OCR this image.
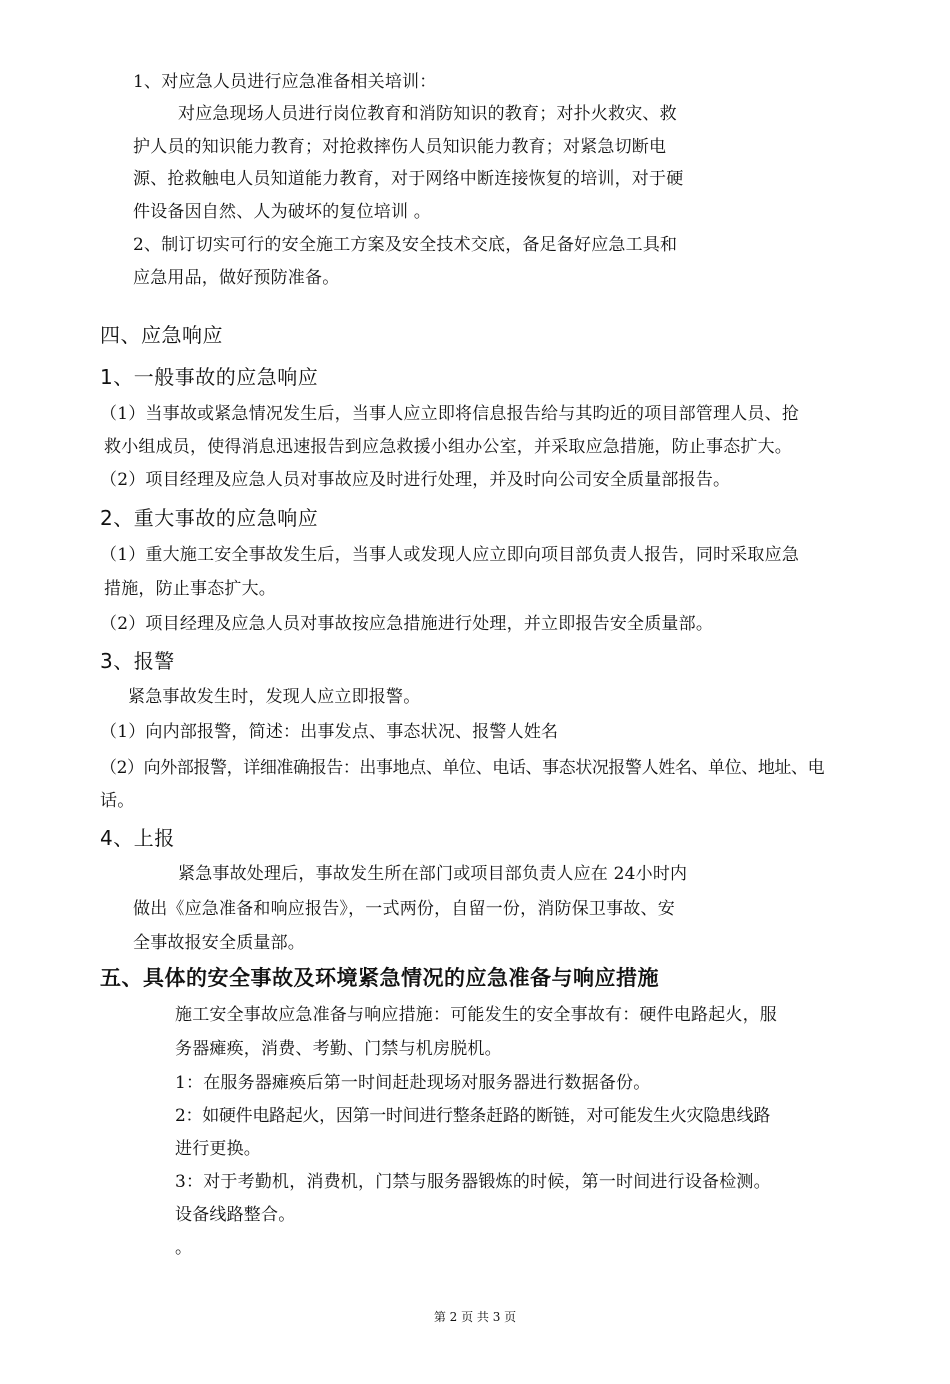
1、对应急人员进行应急准备相关培训：
对应急现场人员进行岗位教育和消防知识的教育；对扑火救灾、救
护人员的知识能力教育；对抢救摔伤人员知识能力教育；对紧急切断电
源、抢救触电人员知道能力教育，对于网络中断连接恢复的培训，对于硬
件设备因自然、人为破坏的复位培训 。
2、制订切实可行的安全施工方案及安全技术交底，备足备好应急工具和
应急用品，做好预防准备。
四、应急响应
1、一般事故的应急响应
（1）当事故或紧急情况发生后，当事人应立即将信息报告给与其昀近的项目部管理人员、抢
救小组成员，使得消息迅速报告到应急救援小组办公室，并采取应急措施，防止事态扩大。
（2）项目经理及应急人员对事故应及时进行处理，并及时向公司安全质量部报告。
2、重大事故的应急响应
（1）重大施工安全事故发生后，当事人或发现人应立即向项目部负责人报告，同时采取应急
措施，防止事态扩大。
（2）项目经理及应急人员对事故按应急措施进行处理，并立即报告安全质量部。
3、报警
紧急事故发生时，发现人应立即报警。
（1）向内部报警，简述：出事发点、事态状况、报警人姓名
（2）向外部报警，详细准确报告：出事地点、单位、电话、事态状况报警人姓名、单位、地址、电
话。
4、上报
紧急事故处理后，事故发生所在部门或项目部负责人应在 24小时内
做出《应急准备和响应报告》，一式两份，自留一份，消防保卫事故、安
全事故报安全质量部。
五、具体的安全事故及环境紧急情况的应急准备与响应措施
施工安全事故应急准备与响应措施：可能发生的安全事故有：硬件电路起火，服
务器瘫痪，消费、考勤、门禁与机房脱机。
1：在服务器瘫痪后第一时间赶赴现场对服务器进行数据备份。
2：如硬件电路起火，因第一时间进行整条赶路的断链，对可能发生火灾隐患线路
进行更换。
3：对于考勤机，消费机，门禁与服务器锻炼的时候，第一时间进行设备检测。
设备线路整合。
。
第 2 页 共 3 页
